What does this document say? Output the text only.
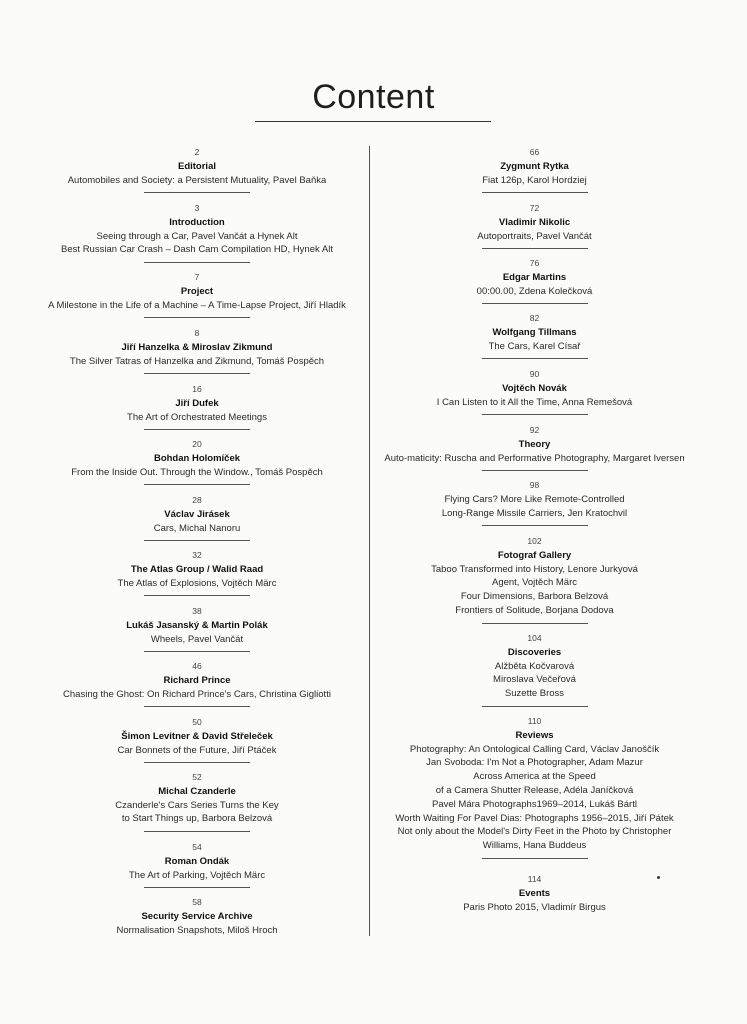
Content
2
Editorial
Automobiles and Society: a Persistent Mutuality, Pavel Baňka
3
Introduction
Seeing through a Car, Pavel Vančát a Hynek Alt
Best Russian Car Crash – Dash Cam Compilation HD, Hynek Alt
7
Project
A Milestone in the Life of a Machine – A Time-Lapse Project, Jiří Hladík
8
Jiří Hanzelka & Miroslav Zikmund
The Silver Tatras of Hanzelka and Zikmund, Tomáš Pospěch
16
Jiří Dufek
The Art of Orchestrated Meetings
20
Bohdan Holomíček
From the Inside Out. Through the Window., Tomáš Pospěch
28
Václav Jirásek
Cars, Michal Nanoru
32
The Atlas Group / Walid Raad
The Atlas of Explosions, Vojtěch Märc
38
Lukáš Jasanský & Martin Polák
Wheels, Pavel Vančát
46
Richard Prince
Chasing the Ghost: On Richard Prince's Cars, Christina Gigliotti
50
Šimon Levitner & David Střeleček
Car Bonnets of the Future, Jiří Ptáček
52
Michal Czanderle
Czanderle's Cars Series Turns the Key
to Start Things up, Barbora Belzová
54
Roman Ondák
The Art of Parking, Vojtěch Märc
58
Security Service Archive
Normalisation Snapshots, Miloš Hroch
66
Zygmunt Rytka
Fiat 126p, Karol Hordziej
72
Vladimir Nikolic
Autoportraits, Pavel Vančát
76
Edgar Martins
00:00.00, Zdena Kolečková
82
Wolfgang Tillmans
The Cars, Karel Císař
90
Vojtěch Novák
I Can Listen to it All the Time, Anna Remešová
92
Theory
Auto-maticity: Ruscha and Performative Photography, Margaret Iversen
98
Flying Cars? More Like Remote-Controlled
Long-Range Missile Carriers, Jen Kratochvil
102
Fotograf Gallery
Taboo Transformed into History, Lenore Jurkyová
Agent, Vojtěch Märc
Four Dimensions, Barbora Belzová
Frontiers of Solitude, Borjana Dodova
104
Discoveries
Alžběta Kočvarová
Miroslava Večeřová
Suzette Bross
110
Reviews
Photography: An Ontological Calling Card, Václav Janoščík
Jan Svoboda: I'm Not a Photographer, Adam Mazur
Across America at the Speed
of a Camera Shutter Release, Adéla Janíčková
Pavel Mára Photographs1969–2014, Lukáš Bártl
Worth Waiting For Pavel Dias: Photographs 1956–2015, Jiří Pátek
Not only about the Model's Dirty Feet in the Photo by Christopher
Williams, Hana Buddeus
114
Events
Paris Photo 2015, Vladimír Birgus
